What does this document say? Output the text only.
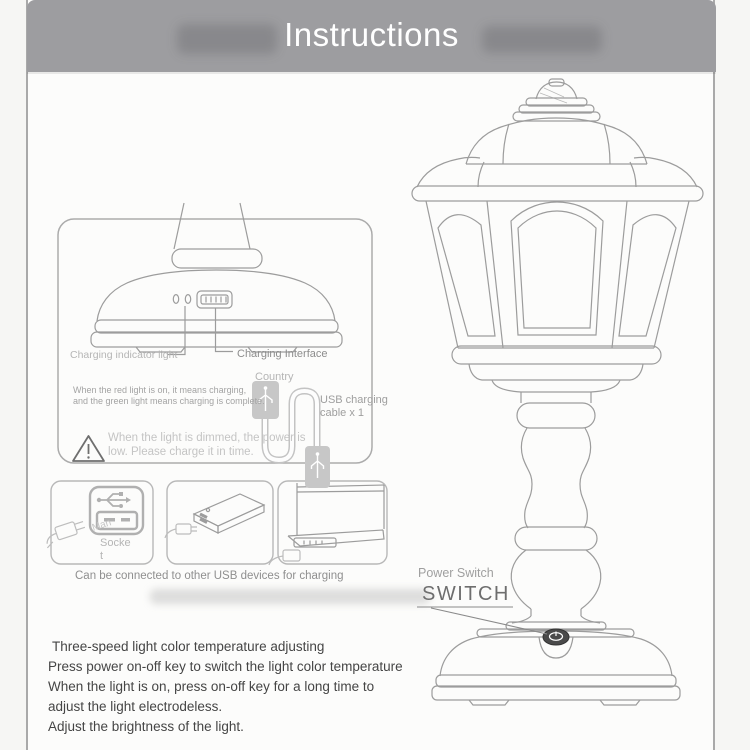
Instructions
Charging indicator light	Charging Interface
When the red light is on, it means charging,
and the green light means charging is complete.
Country
USB charging
cable x 1
When the light is dimmed, the power is
low. Please charge it in time.
Man
Socke
t
Can be connected to other USB devices for charging	Power Switch
SWITCH
Three-speed light color temperature adjusting
Press power on-off key to switch the light color temperature
When the light is on, press on-off key for a long time to
adjust the light electrodeless.
Adjust the brightness of the light.
